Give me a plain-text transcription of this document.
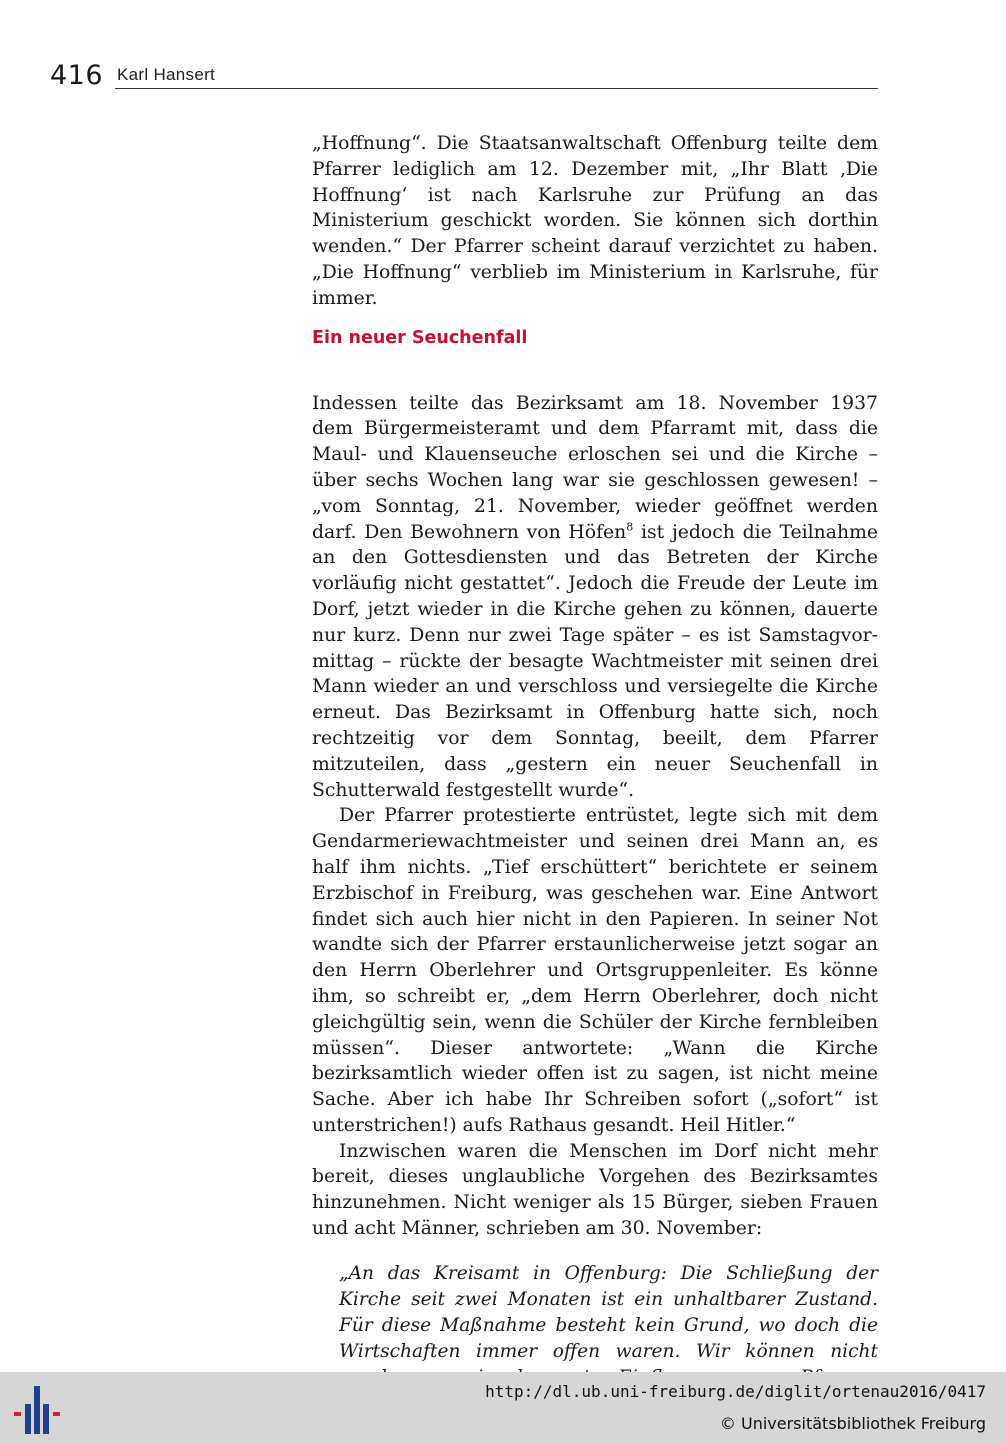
416 Karl Hansert

„Hoffnung“. Die Staatsanwaltschaft Offenburg teilte dem Pfarrer lediglich am 12. Dezember mit, „Ihr Blatt ‚Die Hoffnung‘ ist nach Karlsruhe zur Prüfung an das Ministerium geschickt worden. Sie können sich dorthin wenden.“ Der Pfarrer scheint darauf verzichtet zu haben. „Die Hoffnung“ verblieb im Ministerium in Karlsruhe, für immer.

Indessen teilte das Bezirksamt am 18. November 1937 dem Bürgermeisteramt und dem Pfarramt mit, dass die Maul- und Klauenseuche erloschen sei und die Kirche – über sechs Wochen lang war sie geschlossen gewesen! – „vom Sonntag, 21. November, wieder geöffnet werden darf. Den Bewohnern von Höfen$^8$ ist jedoch die Teilnahme an den Gottesdiensten und das Betreten der Kirche vorläufig nicht gestattet“. Jedoch die Freude der Leute im Dorf, jetzt wieder in die Kirche gehen zu können, dauerte nur kurz. Denn nur zwei Tage später – es ist Samstagvormittag – rückte der besagte Wachtmeister mit seinen drei Mann wieder an und verschloss und versiegelte die Kirche erneut. Das Bezirksamt in Offenburg hatte sich, noch rechtzeitig vor dem Sonntag, beeilt, dem Pfarrer mitzuteilen, dass „gestern ein neuer Seuchenfall in Schutterwald festgestellt wurde“.

Der Pfarrer protestierte entrüstet, legte sich mit dem Gendarmeriewachtmeister und seinen drei Mann an, es half ihm nichts. „Tief erschüttert“ berichtete er seinem Erzbischof in Freiburg, was geschehen war. Eine Antwort findet sich auch hier nicht in den Papieren. In seiner Not wandte sich der Pfarrer erstaunlicherweise jetzt sogar an den Herrn Oberlehrer und Ortsgruppenleiter. Es könne ihm, so schreibt er, „dem Herrn Oberlehrer, doch nicht gleichgültig sein, wenn die Schüler der Kirche fernbleiben müssen“. Dieser antwortete: „Wann die Kirche bezirksamtlich wieder offen ist zu sagen, ist nicht meine Sache. Aber ich habe Ihr Schreiben sofort („sofort“ ist unterstrichen!) aufs Rathaus gesandt. Heil Hitler.“

Inzwischen waren die Menschen im Dorf nicht mehr bereit, dieses unglaubliche Vorgehen des Bezirksamtes hinzunehmen. Nicht weniger als 15 Bürger, sieben Frauen und acht Männer, schrieben am 30. November:

„An das Kreisamt in Offenburg: Die Schließung der Kirche seit zwei Monaten ist ein unhaltbarer Zustand. Für diese Maßnahme besteht kein Grund, wo doch die Wirtschaften immer offen waren. Wir können nicht

Ein neuer Seuchenfall
http://dl.ub.uni-freiburg.de/diglit/ortenau2016/0417
© Universitätsbibliothek Freiburg
